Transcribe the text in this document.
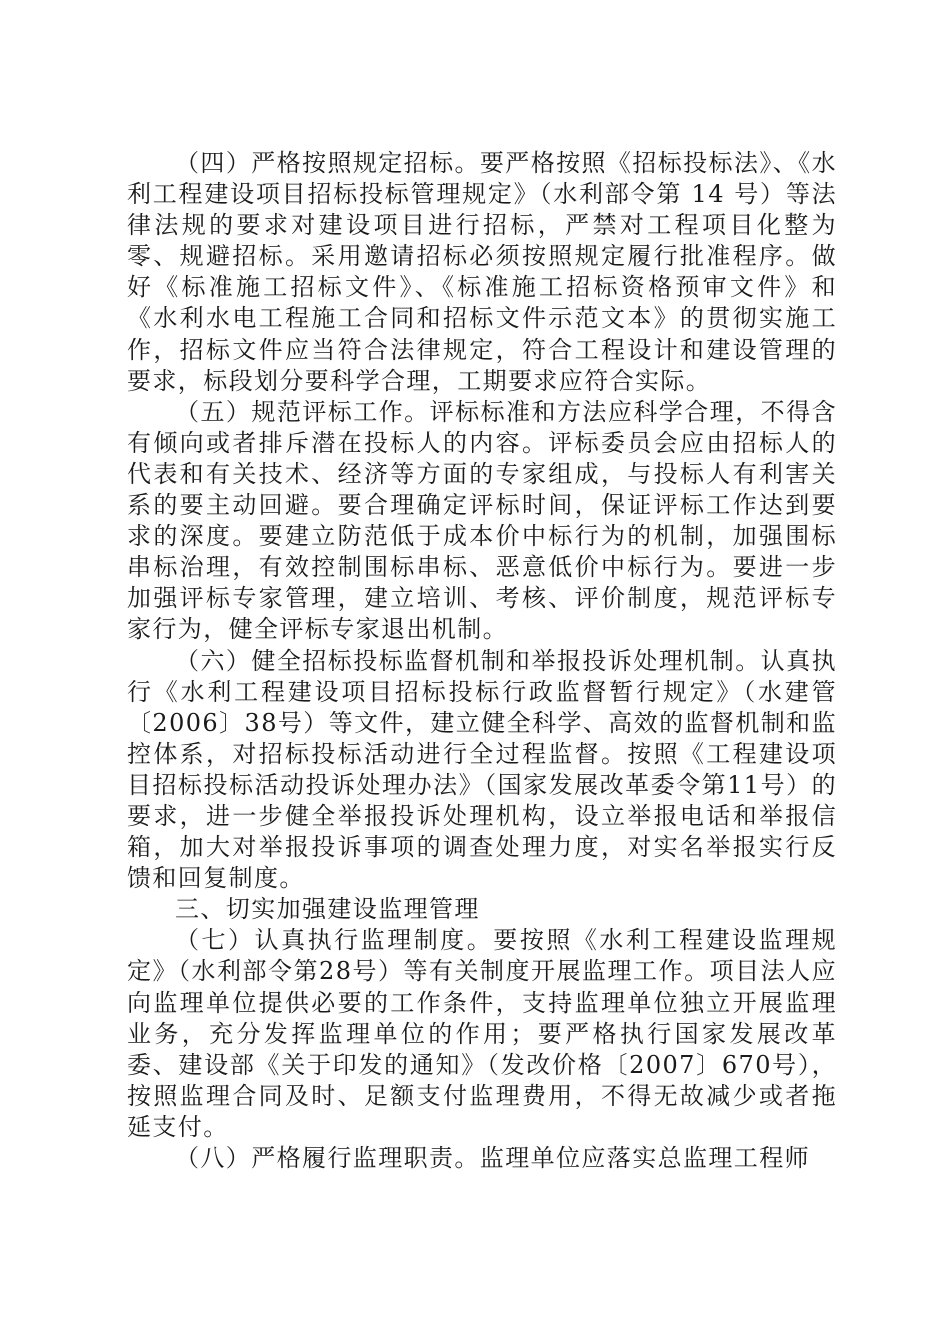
（四）严格按照规定招标。要严格按照《招标投标法》、《水利工程建设项目招标投标管理规定》（水利部令第 14 号）等法律法规的要求对建设项目进行招标，严禁对工程项目化整为零、规避招标。采用邀请招标必须按照规定履行批准程序。做好《标准施工招标文件》、《标准施工招标资格预审文件》和《水利水电工程施工合同和招标文件示范文本》的贯彻实施工作，招标文件应当符合法律规定，符合工程设计和建设管理的要求，标段划分要科学合理，工期要求应符合实际。

（五）规范评标工作。评标标准和方法应科学合理，不得含有倾向或者排斥潜在投标人的内容。评标委员会应由招标人的代表和有关技术、经济等方面的专家组成，与投标人有利害关系的要主动回避。要合理确定评标时间，保证评标工作达到要求的深度。要建立防范低于成本价中标行为的机制，加强围标串标治理，有效控制围标串标、恶意低价中标行为。要进一步加强评标专家管理，建立培训、考核、评价制度，规范评标专家行为，健全评标专家退出机制。

（六）健全招标投标监督机制和举报投诉处理机制。认真执行《水利工程建设项目招标投标行政监督暂行规定》（水建管〔2006〕38号）等文件，建立健全科学、高效的监督机制和监控体系，对招标投标活动进行全过程监督。按照《工程建设项目招标投标活动投诉处理办法》（国家发展改革委令第11号）的要求，进一步健全举报投诉处理机构，设立举报电话和举报信箱，加大对举报投诉事项的调查处理力度，对实名举报实行反馈和回复制度。

三、切实加强建设监理管理

（七）认真执行监理制度。要按照《水利工程建设监理规定》（水利部令第28号）等有关制度开展监理工作。项目法人应向监理单位提供必要的工作条件，支持监理单位独立开展监理业务，充分发挥监理单位的作用；要严格执行国家发展改革委、建设部《关于印发的通知》（发改价格〔2007〕670号），按照监理合同及时、足额支付监理费用，不得无故减少或者拖延支付。

（八）严格履行监理职责。监理单位应落实总监理工程师
